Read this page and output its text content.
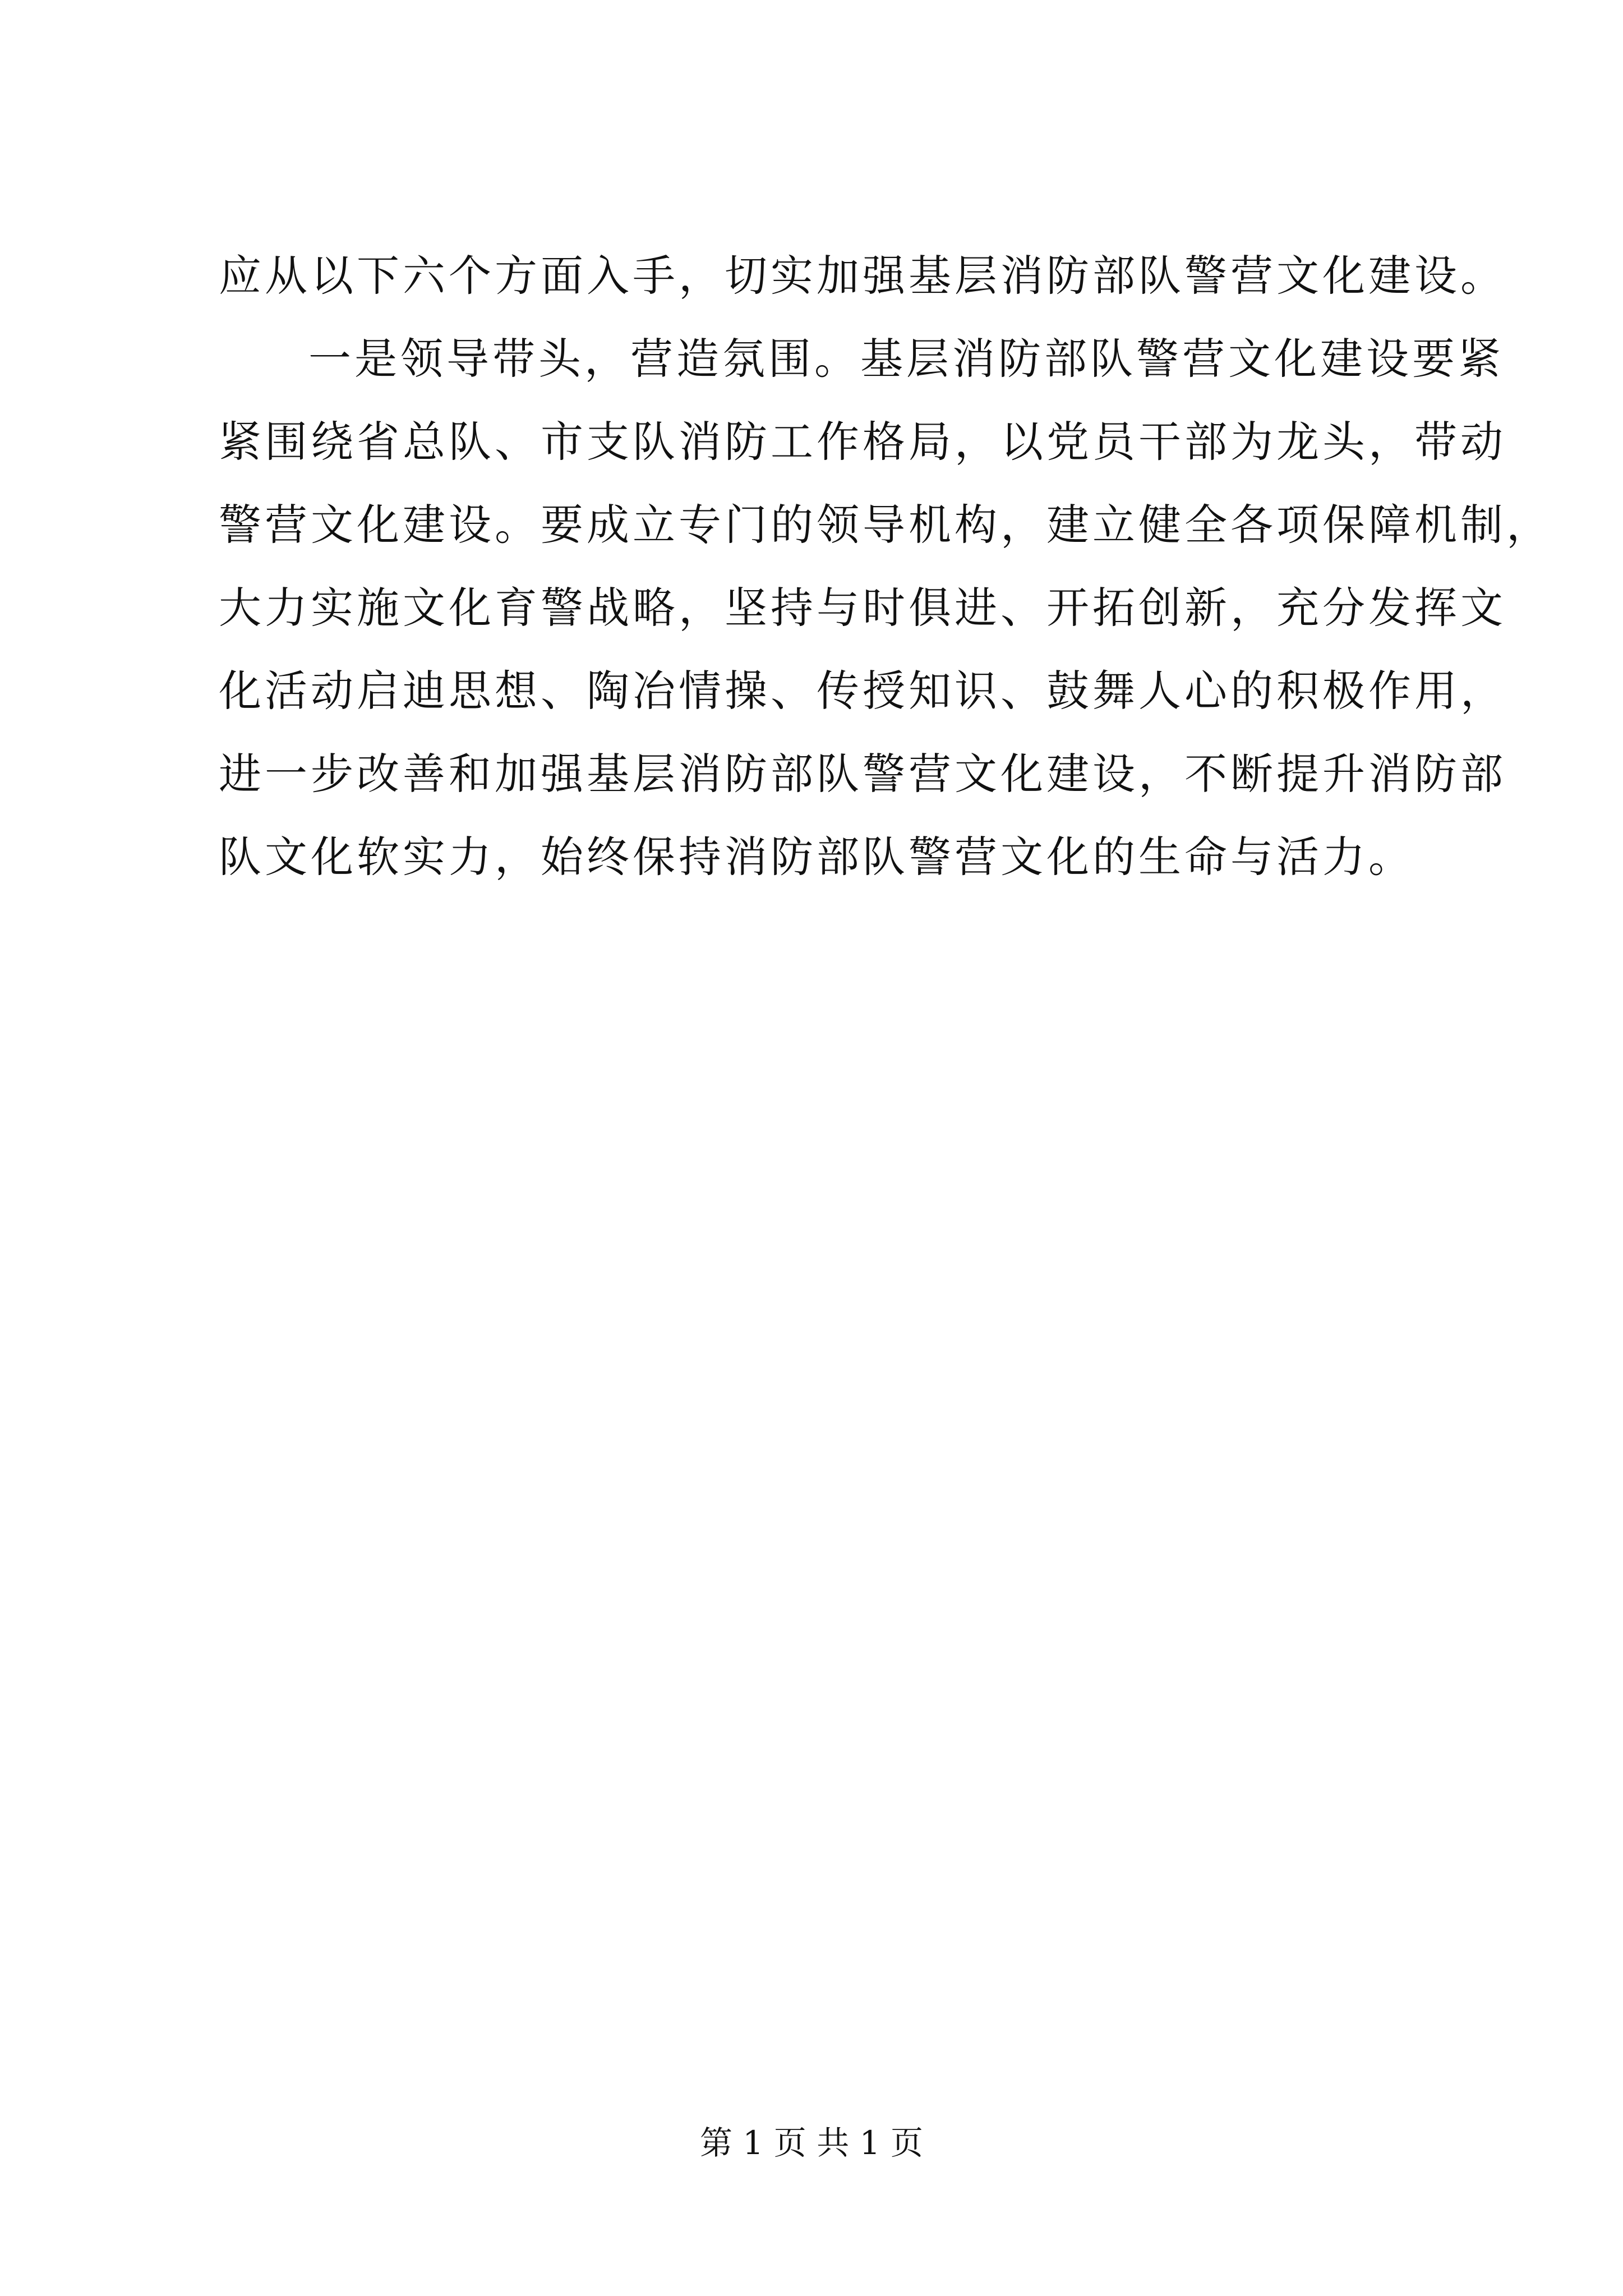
应从以下六个方面入手，切实加强基层消防部队警营文化建设。
一是领导带头，营造氛围。基层消防部队警营文化建设要紧
紧围绕省总队、市支队消防工作格局，以党员干部为龙头，带动
警营文化建设。要成立专门的领导机构，建立健全各项保障机制，
大力实施文化育警战略，坚持与时俱进、开拓创新，充分发挥文
化活动启迪思想、陶冶情操、传授知识、鼓舞人心的积极作用，
进一步改善和加强基层消防部队警营文化建设，不断提升消防部
队文化软实力，始终保持消防部队警营文化的生命与活力。
第 1 页 共 1 页
